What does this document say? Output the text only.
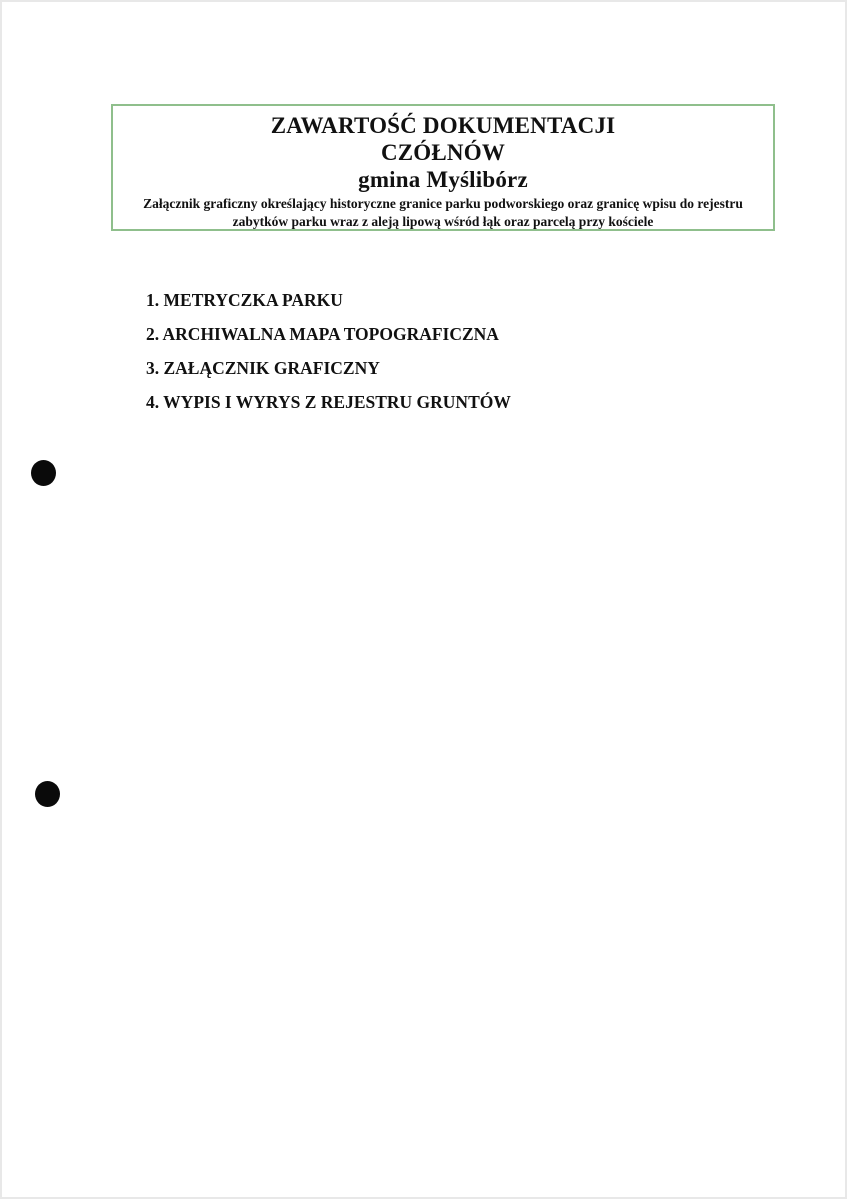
ZAWARTOŚĆ DOKUMENTACJI
CZÓŁNÓW
gmina Myślibórz
Załącznik graficzny określający historyczne granice parku podworskiego oraz granicę wpisu do rejestru zabytków parku wraz z aleją lipową wśród łąk oraz parcelą przy kościele
1. METRYCZKA PARKU
2. ARCHIWALNA MAPA TOPOGRAFICZNA
3. ZAŁĄCZNIK GRAFICZNY
4. WYPIS I WYRYS Z REJESTRU GRUNTÓW
